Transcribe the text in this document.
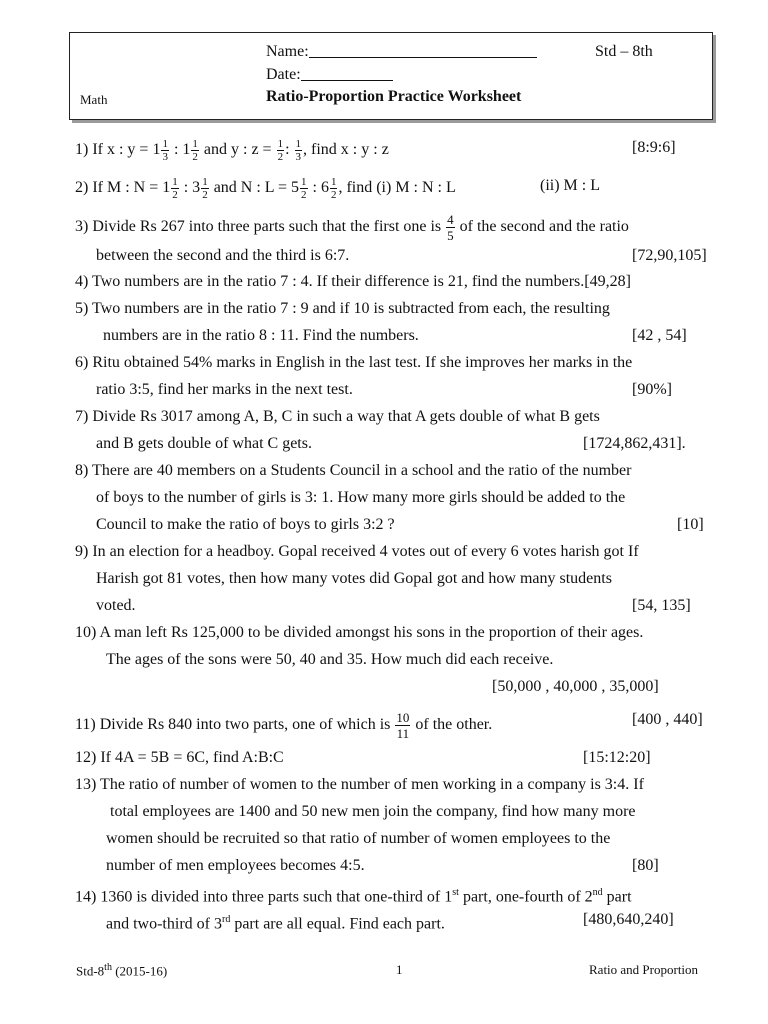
Name:
Date:
Std – 8th
Math	Ratio-Proportion Practice Worksheet
1) If x : $y = 1 \frac{1}{3}$ : $1 \frac{1}{2}$ and y : $z = \frac{1}{2}$ : $\frac{1}{3}$ , find x : y : z	[8:9:6]
2) If M : $N = 1 \frac{1}{2}$ : $3 \frac{1}{2}$ and N : $L = 5 \frac{1}{2}$ : $6 \frac{1}{2}$ , find (i) M : N : L	(ii) M : L
3) Divide Rs 267 into three parts such that the first one is $\frac{4}{5}$ of the second and the ratio
between the second and the third is 6:7.	[72,90,105]
4) Two numbers are in the ratio 7 : 4. If their difference is 21, find the numbers.[49,28]
5) Two numbers are in the ratio 7 : 9 and if 10 is subtracted from each, the resulting
numbers are in the ratio 8 : 11. Find the numbers.	[42 , 54]
6) Ritu obtained 54% marks in English in the last test. If she improves her marks in the
ratio 3:5, find her marks in the next test.	[90%]
7) Divide Rs 3017 among A, B, C in such a way that A gets double of what B gets
and B gets double of what C gets.	[1724,862,431].
8) There are 40 members on a Students Council in a school and the ratio of the number
of boys to the number of girls is 3: 1. How many more girls should be added to the
Council to make the ratio of boys to girls 3:2 ?	[10]
9) In an election for a headboy. Gopal received 4 votes out of every 6 votes harish got If
Harish got 81 votes, then how many votes did Gopal got and how many students
voted.	[54, 135]
10) A man left Rs 125,000 to be divided amongst his sons in the proportion of their ages.
The ages of the sons were 50, 40 and 35. How much did each receive.
[50,000 , 40,000 , 35,000]
11) Divide Rs 840 into two parts, one of which is $\frac{10}{11}$ of the other.	[400 , 440]
12) If 4A = 5B = 6C, find A:B:C	[15:12:20]
13) The ratio of number of women to the number of men working in a company is 3:4. If
total employees are 1400 and 50 new men join the company, find how many more
women should be recruited so that ratio of number of women employees to the
number of men employees becomes 4:5.	[80]
14) 1360 is divided into three parts such that one-third of 1st part, one-fourth of 2nd part
and two-third of 3rd part are all equal. Find each part.	[480,640,240]
Std-8th (2015-16)	1	Ratio and Proportion
